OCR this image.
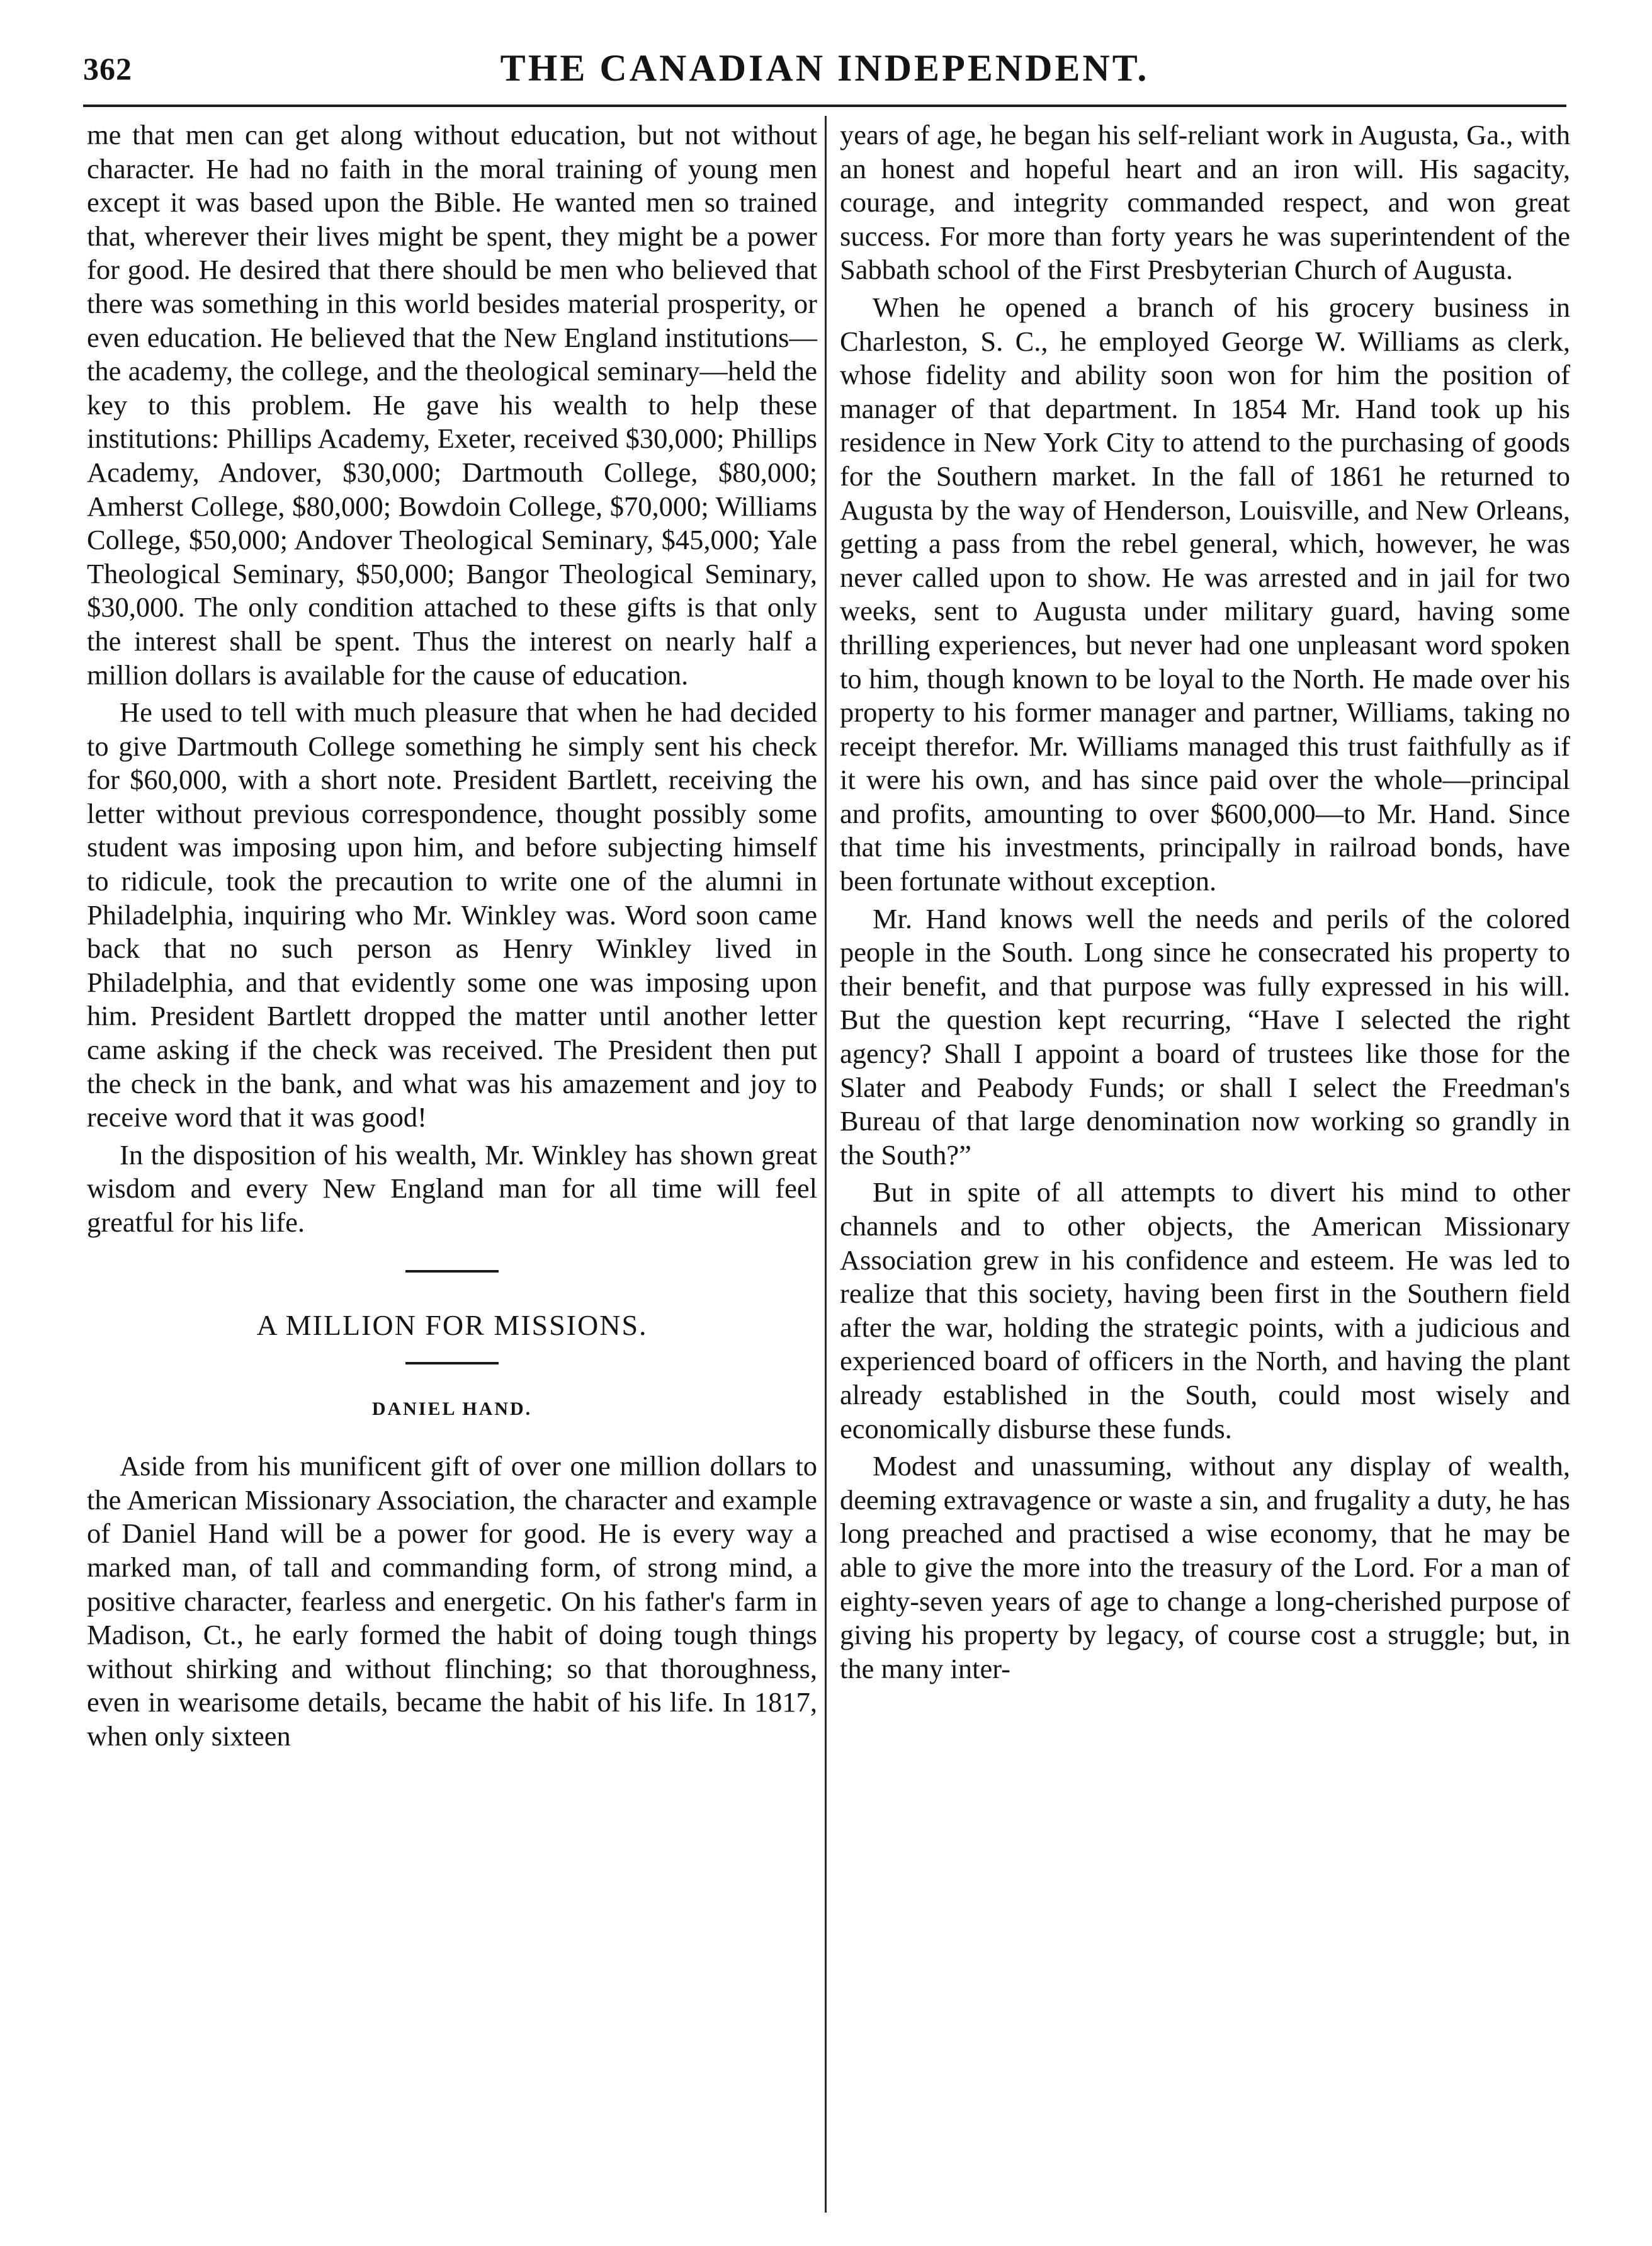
362	THE CANADIAN INDEPENDENT.

me that men can get along without education, but not without character. He had no faith in the moral training of young men except it was based upon the Bible. He wanted men so trained that, wherever their lives might be spent, they might be a power for good. He desired that there should be men who believed that there was something in this world besides material prosperity, or even education. He believed that the New England institutions—the academy, the college, and the theological seminary—held the key to this problem. He gave his wealth to help these institutions: Phillips Academy, Exeter, received $30,000; Phillips Academy, Andover, $30,000; Dartmouth College, $80,000; Amherst College, $80,000; Bowdoin College, $70,000; Williams College, $50,000; Andover Theological Seminary, $45,000; Yale Theological Seminary, $50,000; Bangor Theological Seminary, $30,000. The only condition attached to these gifts is that only the interest shall be spent. Thus the interest on nearly half a million dollars is available for the cause of education.

He used to tell with much pleasure that when he had decided to give Dartmouth College something he simply sent his check for $60,000, with a short note. President Bartlett, receiving the letter without previous correspondence, thought possibly some student was imposing upon him, and before subjecting himself to ridicule, took the precaution to write one of the alumni in Philadelphia, inquiring who Mr. Winkley was. Word soon came back that no such person as Henry Winkley lived in Philadelphia, and that evidently some one was imposing upon him. President Bartlett dropped the matter until another letter came asking if the check was received. The President then put the check in the bank, and what was his amazement and joy to receive word that it was good!

In the disposition of his wealth, Mr. Winkley has shown great wisdom and every New England man for all time will feel greatful for his life.

A MILLION FOR MISSIONS.
DANIEL HAND.

Aside from his munificent gift of over one million dollars to the American Missionary Association, the character and example of Daniel Hand will be a power for good. He is every way a marked man, of tall and commanding form, of strong mind, a positive character, fearless and energetic. On his father's farm in Madison, Ct., he early formed the habit of doing tough things without shirking and without flinching; so that thoroughness, even in wearisome details, became the habit of his life. In 1817, when only sixteen

years of age, he began his self-reliant work in Augusta, Ga., with an honest and hopeful heart and an iron will. His sagacity, courage, and integrity commanded respect, and won great success. For more than forty years he was superintendent of the Sabbath school of the First Presbyterian Church of Augusta.

When he opened a branch of his grocery business in Charleston, S. C., he employed George W. Williams as clerk, whose fidelity and ability soon won for him the position of manager of that department. In 1854 Mr. Hand took up his residence in New York City to attend to the purchasing of goods for the Southern market. In the fall of 1861 he returned to Augusta by the way of Henderson, Louisville, and New Orleans, getting a pass from the rebel general, which, however, he was never called upon to show. He was arrested and in jail for two weeks, sent to Augusta under military guard, having some thrilling experiences, but never had one unpleasant word spoken to him, though known to be loyal to the North. He made over his property to his former manager and partner, Williams, taking no receipt therefor. Mr. Williams managed this trust faithfully as if it were his own, and has since paid over the whole—principal and profits, amounting to over $600,000—to Mr. Hand. Since that time his investments, principally in railroad bonds, have been fortunate without exception.

Mr. Hand knows well the needs and perils of the colored people in the South. Long since he consecrated his property to their benefit, and that purpose was fully expressed in his will. But the question kept recurring, “Have I selected the right agency? Shall I appoint a board of trustees like those for the Slater and Peabody Funds; or shall I select the Freedman's Bureau of that large denomination now working so grandly in the South?”

But in spite of all attempts to divert his mind to other channels and to other objects, the American Missionary Association grew in his confidence and esteem. He was led to realize that this society, having been first in the Southern field after the war, holding the strategic points, with a judicious and experienced board of officers in the North, and having the plant already established in the South, could most wisely and economically disburse these funds.

Modest and unassuming, without any display of wealth, deeming extravagence or waste a sin, and frugality a duty, he has long preached and practised a wise economy, that he may be able to give the more into the treasury of the Lord. For a man of eighty-seven years of age to change a long-cherished purpose of giving his property by legacy, of course cost a struggle; but, in the many inter-
